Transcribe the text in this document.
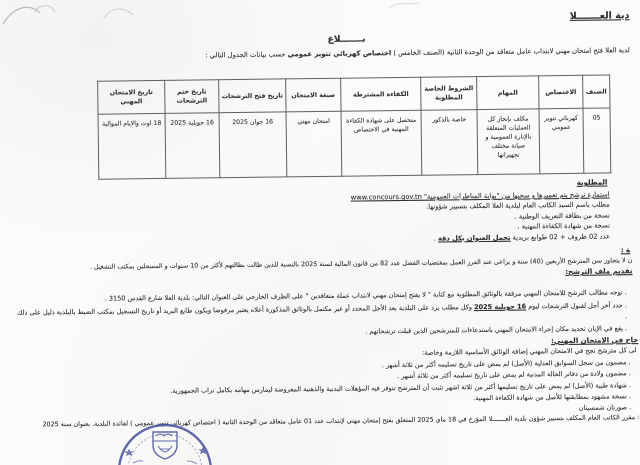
دية العـــــــلا
بـــــــلاغ
لدية العلا فتح امتحان مهني لانتداب عامل متعاقد من الوحدة الثانية (الصنف الخامس ) اختصاص كهربائي تنوير عمومي حسب بيانات الجدول التالي :
الصنف	الاختصاص	المهام	الشروط الخاصة المطلوبة	الكفاءة المشترطة	صيغة الامتحان	تاريخ فتح الترشحات	تاريخ ختم الترشحات	تاريخ الامتحان المهني
05	كهربائي تنوير عمومي	مكلف بإنجاز كل العمليات المتعلقة بالإنارة العمومية و صيانة مختلف تجهيزاتها	خاصة بالذكور	متحصل على شهادة الكفاءة المهنية في الاختصاص	امتحان مهني	16 جوان 2025	16 جويلية 2025	18 اوت والايام الموالية
المطلوبة
استمارة ترشح يتم تعميرها و سحبها من "بوابة المناظرات العمومية" www.concours.gov.tn
مطلب باسم السيد الكاتب العام لبلدية العلا المكلف بتسيير شؤونها.
نسخة من بطاقة التعريف الوطنية .
نسخة من شهادة الكفاءة المهنية .
عدد 02 ظروف + 02 طوابع بريدية تحمل العنوان بكل دقة .
ة :
ن لا يتجاوز سن المترشح الأربعين (40) سنة و يراعى عند الفرز العمل بمقتضيات الفصل عدد 82 من قانون المالية لسنة 2025 بالنسبة للذين طالت بطالتهم لأكثر من 10 سنوات و المسجلين بمكتب التشغيل .
تقديم ملف الترشح:
. توجه مطالب الترشح للامتحان المهني مرفقة بالوثائق المطلوبة مع كتابة " لا يفتح إمتحان مهني لانتداب عملة متعاقدين " على الظرف الخارجي على العنوان التالي: بلدية العلا شارع القدس 3150 .
. حدد آخر أجل لقبول الترشحات ليوم 16 جويلية 2025 وكل مطلب يرد على البلدية بعد الأجل المحدد أو غير مكتمل بالوثائق المذكورة أعلاه يعتبر مرفوضا ويكون طابع البريد أو تاريخ التسجيل بمكتب الضبط بالبلدية دليل على ذلك .
. يقع في الإبان تحديد مكان إجراء الامتحان المهني باستدعاءات للمترشحين الذين قبلت ترشحاتهم .
جاح في الامتحان المهني:
لى كل مترشح نجح في الامتحان المهني إضافة الوثائق الأساسية اللازمة وخاصة:
. مضمون من سجل السوابق العدلية (الأصل) لم يمض على تاريخ تسليمه أكثر من ثلاثة أشهر .
. مضمون ولادة من دفاتر الحالة المدنية لم يمض على تاريخ تسليمه أكثر من ثلاثة أشهر .
. شهادة طبية (الأصل) لم يمض على تاريخ تسليمها أكثر من ثلاثة اشهر تثبت أن المترشح تتوفر فيه المؤهلات البدنية والذهنية المفروضة ليمارس مهامه بكامل تراب الجمهورية.
. نسخة مشهود بمطابقتها للأصل من شهادة الكفاءة المهنية.
. صورتان شمسيتان
: مقرر الكاتب العام المكلف بتسيير شؤون بلدية العـــــــلا المؤرخ في 18 ماي 2025 المتعلق بفتح إمتحان مهني لإنتداب عدد 01 عامل متعاقد من الوحدة الثانية ( اختصاص كهربائي تنوير عمومي ) لفائدة البلدية. بعنوان سنة 2025
